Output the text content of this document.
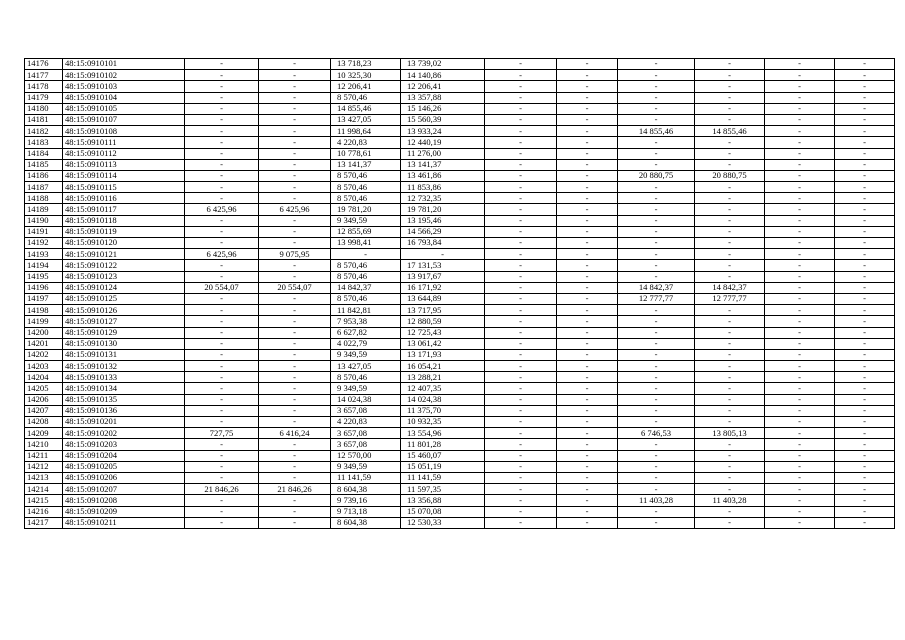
14176	48:15:0910101	-	-	13 718,23	13 739,02	-	-	-	-	-	-
14177	48:15:0910102	-	-	10 325,30	14 140,86	-	-	-	-	-	-
14178	48:15:0910103	-	-	12 206,41	12 206,41	-	-	-	-	-	-
14179	48:15:0910104	-	-	8 570,46	13 357,88	-	-	-	-	-	-
14180	48:15:0910105	-	-	14 855,46	15 146,26	-	-	-	-	-	-
14181	48:15:0910107	-	-	13 427,05	15 560,39	-	-	-	-	-	-
14182	48:15:0910108	-	-	11 998,64	13 933,24	-	-	14 855,46	14 855,46	-	-
14183	48:15:0910111	-	-	4 220,83	12 440,19	-	-	-	-	-	-
14184	48:15:0910112	-	-	10 778,61	11 276,00	-	-	-	-	-	-
14185	48:15:0910113	-	-	13 141,37	13 141,37	-	-	-	-	-	-
14186	48:15:0910114	-	-	8 570,46	13 461,86	-	-	20 880,75	20 880,75	-	-
14187	48:15:0910115	-	-	8 570,46	11 853,86	-	-	-	-	-	-
14188	48:15:0910116	-	-	8 570,46	12 732,35	-	-	-	-	-	-
14189	48:15:0910117	6 425,96	6 425,96	19 781,20	19 781,20	-	-	-	-	-	-
14190	48:15:0910118	-	-	9 349,59	13 195,46	-	-	-	-	-	-
14191	48:15:0910119	-	-	12 855,69	14 566,29	-	-	-	-	-	-
14192	48:15:0910120	-	-	13 998,41	16 793,84	-	-	-	-	-	-
14193	48:15:0910121	6 425,96	9 075,95	-	-	-	-	-	-	-	-
14194	48:15:0910122	-	-	8 570,46	17 131,53	-	-	-	-	-	-
14195	48:15:0910123	-	-	8 570,46	13 917,67	-	-	-	-	-	-
14196	48:15:0910124	20 554,07	20 554,07	14 842,37	16 171,92	-	-	14 842,37	14 842,37	-	-
14197	48:15:0910125	-	-	8 570,46	13 644,89	-	-	12 777,77	12 777,77	-	-
14198	48:15:0910126	-	-	11 842,81	13 717,95	-	-	-	-	-	-
14199	48:15:0910127	-	-	7 953,38	12 880,59	-	-	-	-	-	-
14200	48:15:0910129	-	-	6 627,82	12 725,43	-	-	-	-	-	-
14201	48:15:0910130	-	-	4 022,79	13 061,42	-	-	-	-	-	-
14202	48:15:0910131	-	-	9 349,59	13 171,93	-	-	-	-	-	-
14203	48:15:0910132	-	-	13 427,05	16 054,21	-	-	-	-	-	-
14204	48:15:0910133	-	-	8 570,46	13 288,21	-	-	-	-	-	-
14205	48:15:0910134	-	-	9 349,59	12 407,35	-	-	-	-	-	-
14206	48:15:0910135	-	-	14 024,38	14 024,38	-	-	-	-	-	-
14207	48:15:0910136	-	-	3 657,08	11 375,70	-	-	-	-	-	-
14208	48:15:0910201	-	-	4 220,83	10 932,35	-	-	-	-	-	-
14209	48:15:0910202	727,75	6 416,24	3 657,08	13 554,96	-	-	6 746,53	13 805,13	-	-
14210	48:15:0910203	-	-	3 657,08	11 801,28	-	-	-	-	-	-
14211	48:15:0910204	-	-	12 570,00	15 460,07	-	-	-	-	-	-
14212	48:15:0910205	-	-	9 349,59	15 051,19	-	-	-	-	-	-
14213	48:15:0910206	-	-	11 141,59	11 141,59	-	-	-	-	-	-
14214	48:15:0910207	21 846,26	21 846,26	8 604,38	11 597,35	-	-	-	-	-	-
14215	48:15:0910208	-	-	9 739,16	13 356,88	-	-	11 403,28	11 403,28	-	-
14216	48:15:0910209	-	-	9 713,18	15 070,08	-	-	-	-	-	-
14217	48:15:0910211	-	-	8 604,38	12 530,33	-	-	-	-	-	-
